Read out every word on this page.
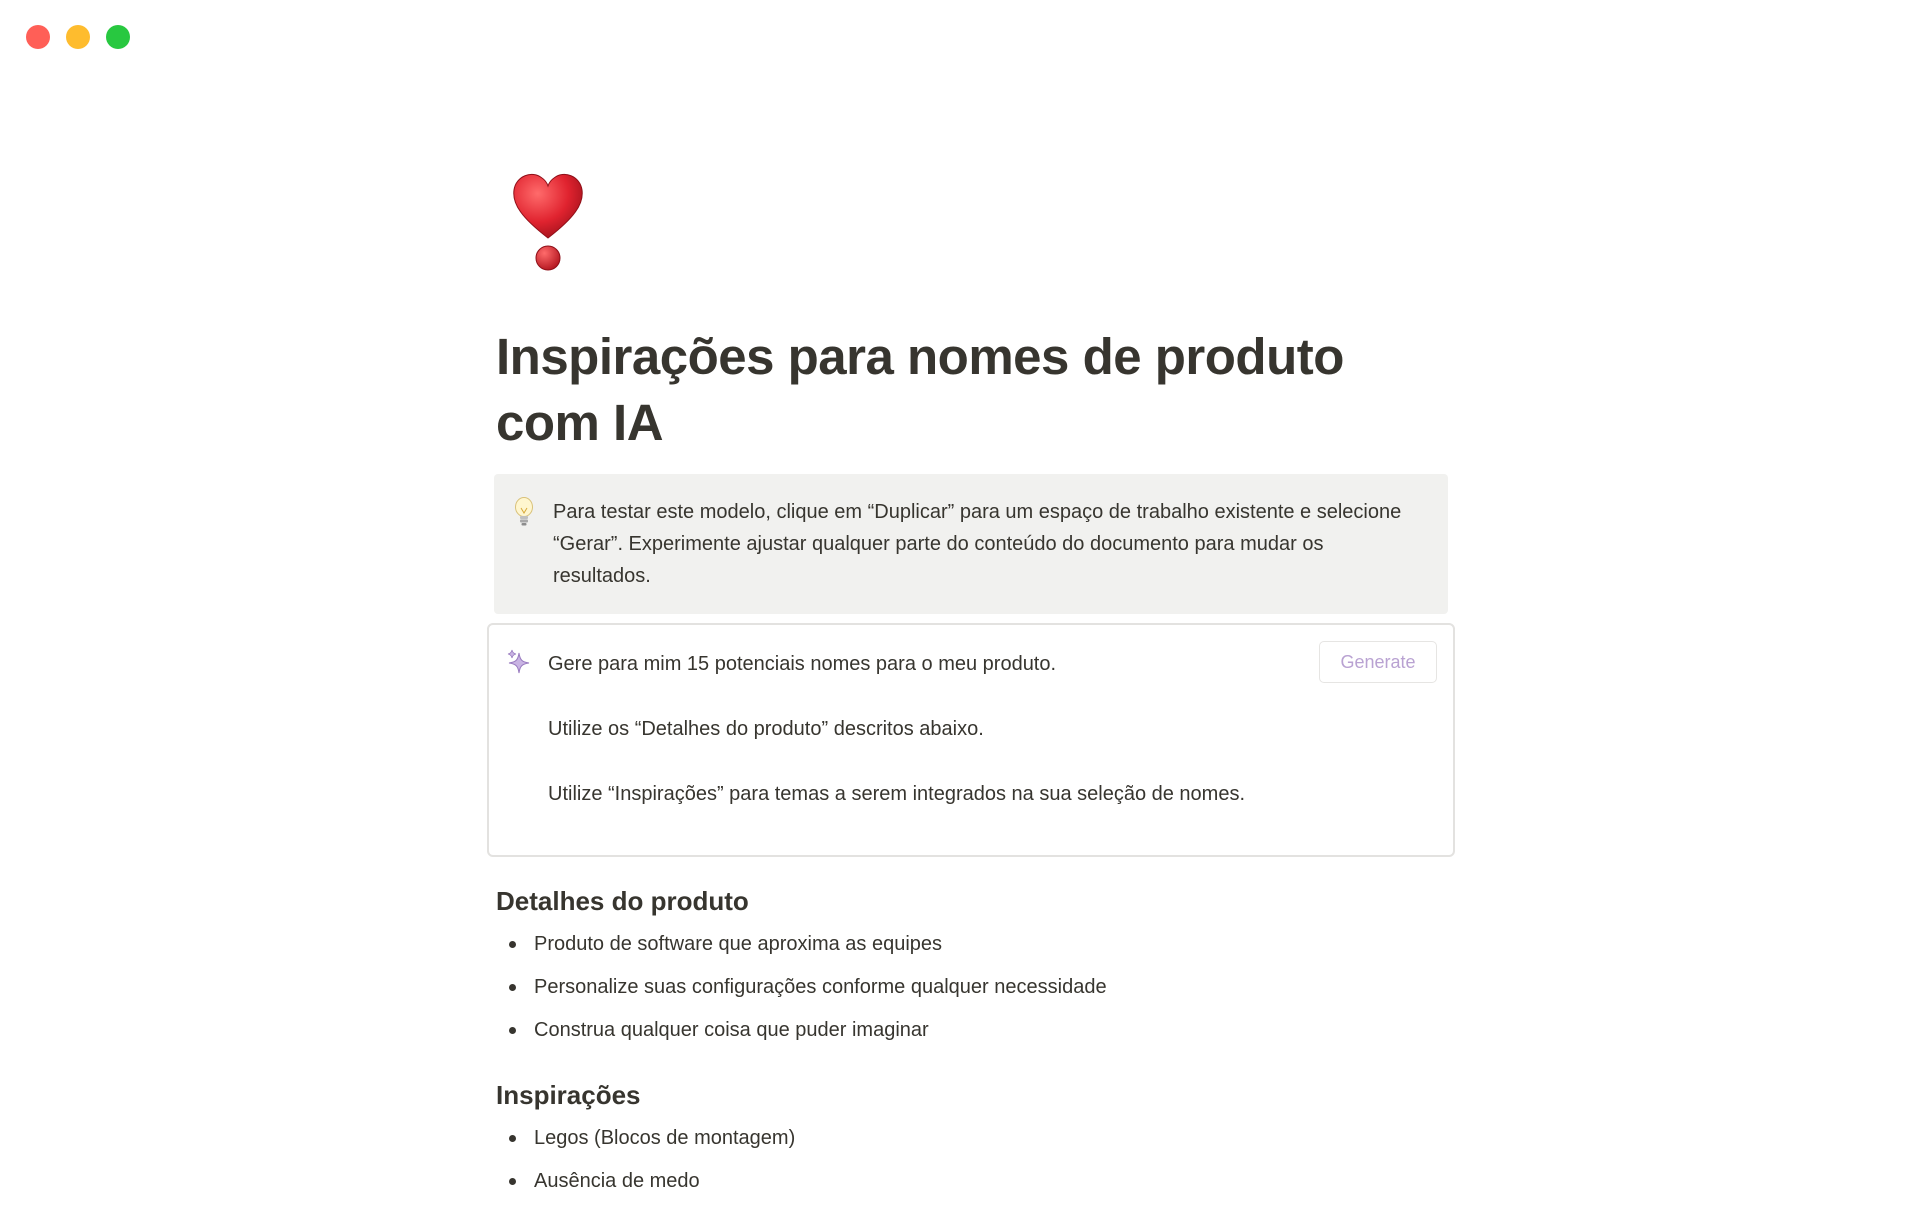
Inspirações para nomes de produto com IA

Para testar este modelo, clique em “Duplicar” para um espaço de trabalho existente e selecione “Gerar”. Experimente ajustar qualquer parte do conteúdo do documento para mudar os resultados.

Gere para mim 15 potenciais nomes para o meu produto.

Utilize os “Detalhes do produto” descritos abaixo.

Utilize “Inspirações” para temas a serem integrados na sua seleção de nomes.

Generate
Detalhes do produto
Produto de software que aproxima as equipes
Personalize suas configurações conforme qualquer necessidade
Construa qualquer coisa que puder imaginar
Inspirações
Legos (Blocos de montagem)
Ausência de medo
